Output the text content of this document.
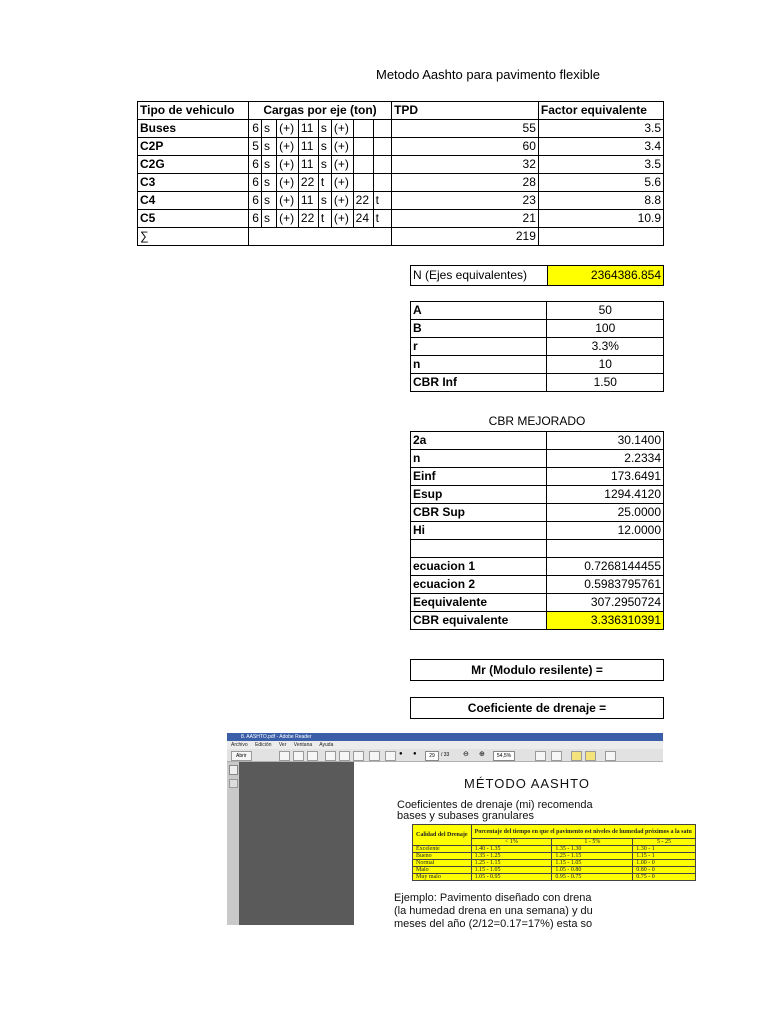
Metodo Aashto para pavimento flexible
Tipo de vehiculo	Cargas por eje (ton)								TPD	Factor equivalente
Buses	6	s	(+)	11	s	(+)			55	3.5
C2P	5	s	(+)	11	s	(+)			60	3.4
C2G	6	s	(+)	11	s	(+)			32	3.5
C3	6	s	(+)	22	t	(+)			28	5.6
C4	6	s	(+)	11	s	(+)	22	t	23	8.8
C5	6	s	(+)	22	t	(+)	24	t	21	10.9
∑									219	
N (Ejes equivalentes)	2364386.854
A	50
B	100
r	3.3%
n	10
CBR Inf	1.50
CBR MEJORADO
2a	30.1400
n	2.2334
Einf	173.6491
Esup	1294.4120
CBR Sup	25.0000
Hi	12.0000

ecuacion 1	0.7268144455
ecuacion 2	0.5983795761
Eequivalente	307.2950724
CBR equivalente	3.336310391
Mr (Modulo resilente) =
Coeficiente de drenaje =
8. AASHTO.pdf - Adobe Reader
Archivo Edición Ver Ventana Ayuda
Abrir	● ●	29	/ 33 ⊖ ⊕	54,5%
MÉTODO AASHTO
Coeficientes de drenaje (mi) recomenda
bases y subases granulares
Calidad del Drenaje	Porcentaje del tiempo en que el pavimento est niveles de humedad próximos a la satu		
	< 1%	1 - 5%	5 - 25
Excelente	1.40 - 1.35	1.35 - 1.30	1.30 - 1
Bueno	1.35 - 1.25	1.25 - 1.15	1.15 - 1
Normal	1.25 - 1.15	1.15 - 1.05	1.00 - 0
Malo	1.15 - 1.05	1.05 - 0.80	0.80 - 0
Muy malo	1.05 - 0.95	0.95 - 0.75	0.75 - 0
Ejemplo: Pavimento diseñado con drena
(la humedad drena en una semana) y du
meses del año (2/12=0.17=17%) esta so
